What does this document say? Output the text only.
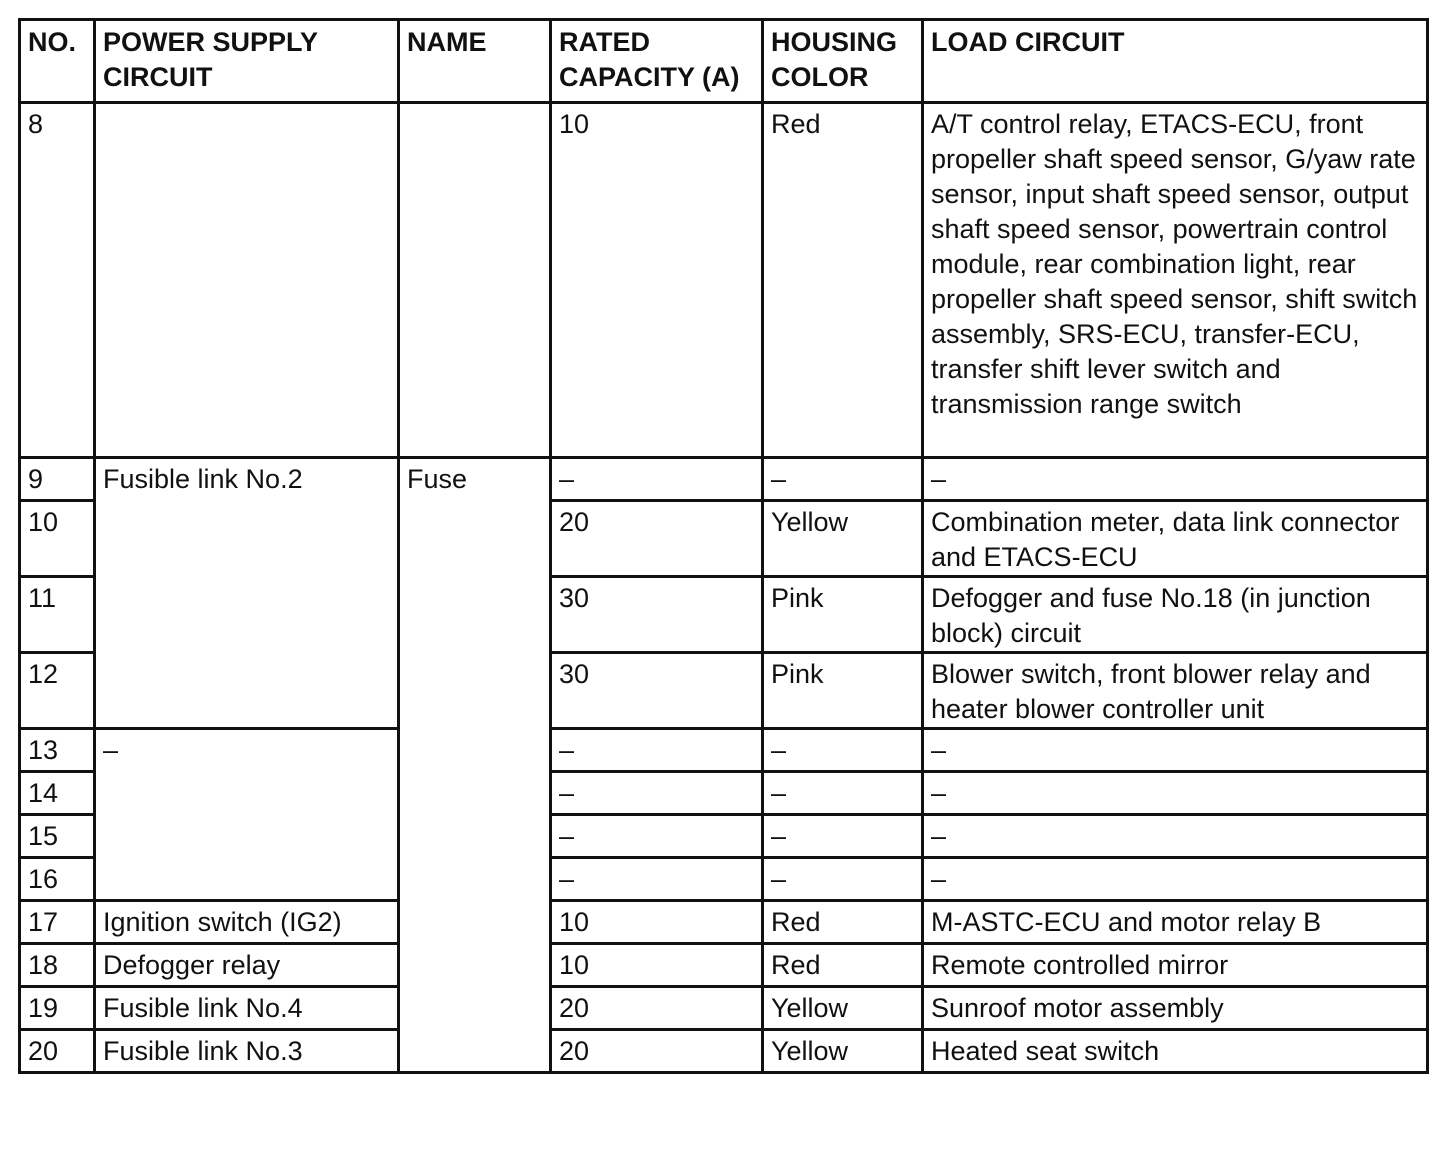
NO.	POWER SUPPLY CIRCUIT	NAME	RATED CAPACITY (A)	HOUSING COLOR	LOAD CIRCUIT
8			10	Red	A/T control relay, ETACS-ECU, front propeller shaft speed sensor, G/yaw rate sensor, input shaft speed sensor, output shaft speed sensor, powertrain control module, rear combination light, rear propeller shaft speed sensor, shift switch assembly, SRS-ECU, transfer-ECU, transfer shift lever switch and transmission range switch
9	Fusible link No.2	Fuse	–	–	–
10			20	Yellow	Combination meter, data link connector and ETACS-ECU
11			30	Pink	Defogger and fuse No.18 (in junction block) circuit
12			30	Pink	Blower switch, front blower relay and heater blower controller unit
13	–		–	–	–
14			–	–	–
15			–	–	–
16			–	–	–
17	Ignition switch (IG2)		10	Red	M-ASTC-ECU and motor relay B
18	Defogger relay		10	Red	Remote controlled mirror
19	Fusible link No.4		20	Yellow	Sunroof motor assembly
20	Fusible link No.3		20	Yellow	Heated seat switch
